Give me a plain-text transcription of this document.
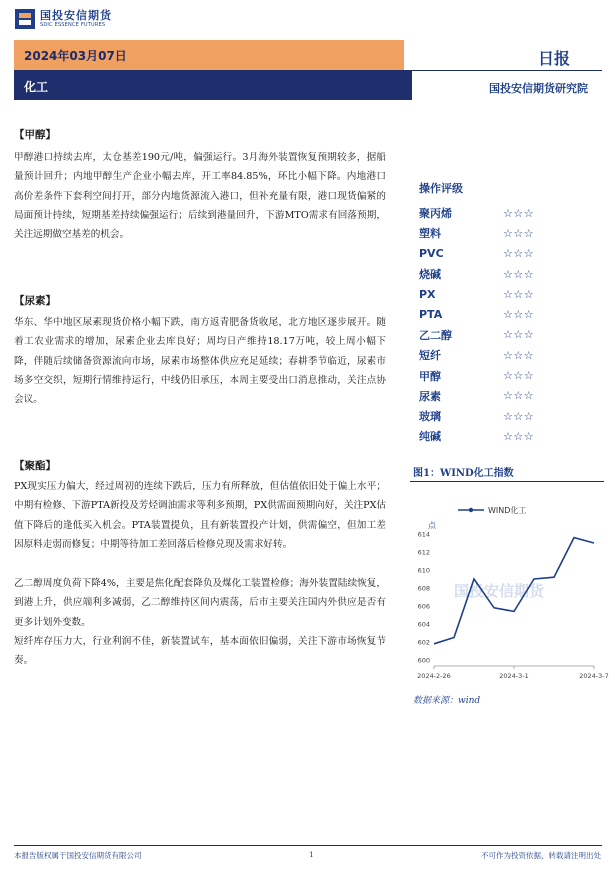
国投安信期货
SDIC ESSENCE FUTURES
2024年03月07日	日报
化工	国投安信期货研究院
【甲醇】
甲醇港口持续去库，太仓基差190元/吨，偏强运行。3月海外装置恢复预期较多，据船量预计回升；内地甲醇生产企业小幅去库，开工率84.85%，环比小幅下降。内地港口高价差条件下套利空间打开，部分内地货源流入港口，但补充量有限，港口现货偏紧的局面预计持续，短期基差持续偏强运行；后续到港量回升，下游MTO需求有回落预期，关注远期做空基差的机会。
【尿素】
华东、华中地区尿素现货价格小幅下跌，南方返青肥备货收尾，北方地区逐步展开。随着工农业需求的增加，尿素企业去库良好；周均日产维持18.17万吨，较上周小幅下降，伴随后续储备资源流向市场，尿素市场整体供应充足延续；春耕季节临近，尿素市场多空交织，短期行情维持运行，中线仍旧承压，本周主要受出口消息推动，关注点协会议。
【聚酯】
PX现实压力偏大，经过周初的连续下跌后，压力有所释放，但估值依旧处于偏上水平；中期有检修、下游PTA新投及芳烃调油需求等利多预期，PX供需面预期向好，关注PX估值下降后的逢低买入机会。PTA装置提负，且有新装置投产计划，供需偏空，但加工差因原料走弱而修复；中期等待加工差回落后检修兑现及需求好转。
乙二醇周度负荷下降4%，主要是焦化配套降负及煤化工装置检修；海外装置陆续恢复，到港上升，供应端利多减弱，乙二醇维持区间内震荡，后市主要关注国内外供应是否有更多计划外变数。
短纤库存压力大，行业利润不佳，新装置试车，基本面依旧偏弱，关注下游市场恢复节奏。
操作评级
聚丙烯	☆☆☆
塑料	☆☆☆
PVC	☆☆☆
烧碱	☆☆☆
PX	☆☆☆
PTA	☆☆☆
乙二醇	☆☆☆
短纤	☆☆☆
甲醇	☆☆☆
尿素	☆☆☆
玻璃	☆☆☆
纯碱	☆☆☆
图1：WIND化工指数
国投安信期货
WIND化工
点
600
602
604
606
608
610
612
614
2024-2-26	2024-3-1	2024-3-7
数据来源：wind
本报告版权属于国投安信期货有限公司	1	不可作为投资依据，转载请注明出处
